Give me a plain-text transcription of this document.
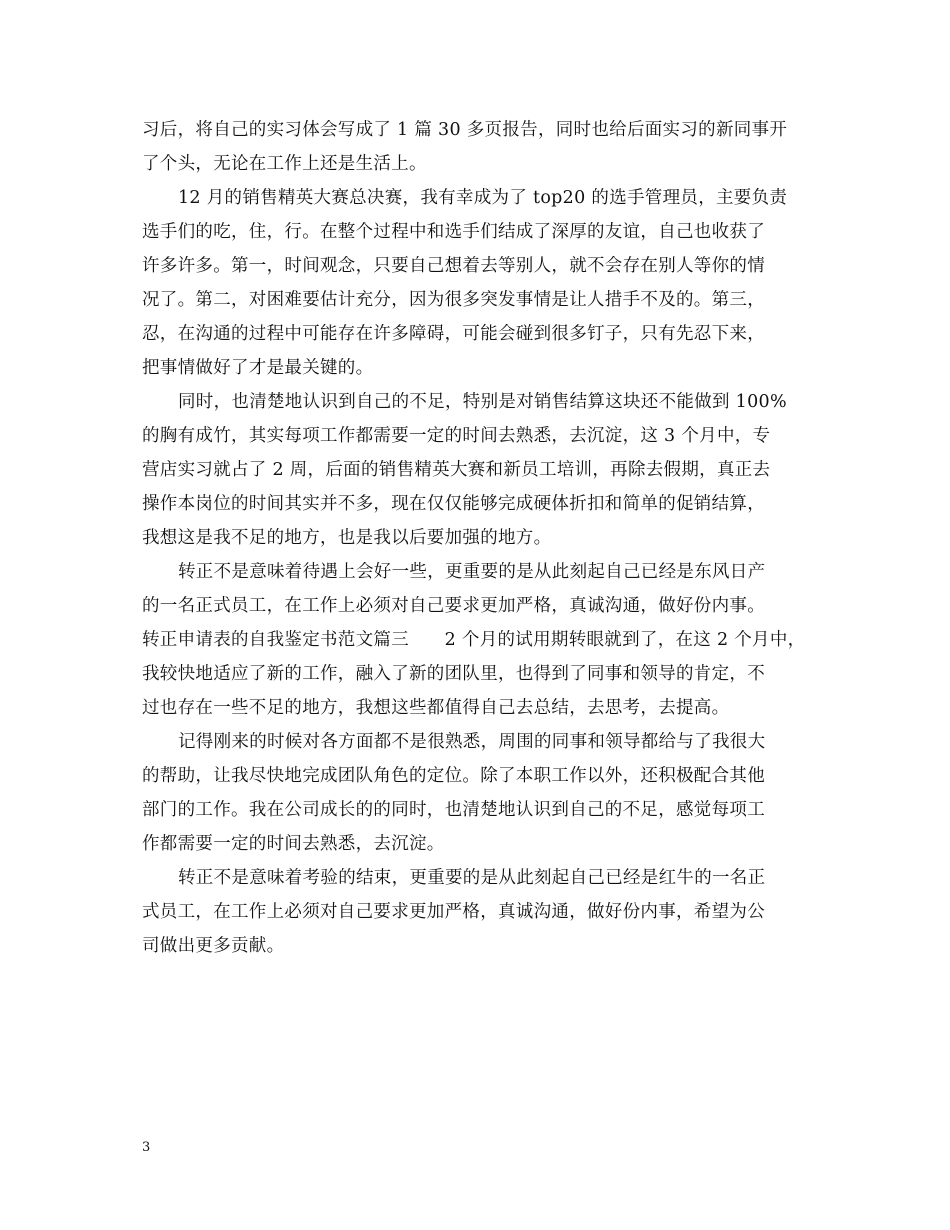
习后，将自己的实习体会写成了 1 篇 30 多页报告，同时也给后面实习的新同事开
了个头，无论在工作上还是生活上。
12 月的销售精英大赛总决赛，我有幸成为了 top20 的选手管理员，主要负责
选手们的吃，住，行。在整个过程中和选手们结成了深厚的友谊，自己也收获了
许多许多。第一，时间观念，只要自己想着去等别人，就不会存在别人等你的情
况了。第二，对困难要估计充分，因为很多突发事情是让人措手不及的。第三，
忍，在沟通的过程中可能存在许多障碍，可能会碰到很多钉子，只有先忍下来，
把事情做好了才是最关键的。
同时，也清楚地认识到自己的不足，特别是对销售结算这块还不能做到 100%
的胸有成竹，其实每项工作都需要一定的时间去熟悉，去沉淀，这 3 个月中，专
营店实习就占了 2 周，后面的销售精英大赛和新员工培训，再除去假期，真正去
操作本岗位的时间其实并不多，现在仅仅能够完成硬体折扣和简单的促销结算，
我想这是我不足的地方，也是我以后要加强的地方。
转正不是意味着待遇上会好一些，更重要的是从此刻起自己已经是东风日产
的一名正式员工，在工作上必须对自己要求更加严格，真诚沟通，做好份内事。
转正申请表的自我鉴定书范文篇三　　2 个月的试用期转眼就到了，在这 2 个月中，
我较快地适应了新的工作，融入了新的团队里，也得到了同事和领导的肯定，不
过也存在一些不足的地方，我想这些都值得自己去总结，去思考，去提高。
记得刚来的时候对各方面都不是很熟悉，周围的同事和领导都给与了我很大
的帮助，让我尽快地完成团队角色的定位。除了本职工作以外，还积极配合其他
部门的工作。我在公司成长的的同时，也清楚地认识到自己的不足，感觉每项工
作都需要一定的时间去熟悉，去沉淀。
转正不是意味着考验的结束，更重要的是从此刻起自己已经是红牛的一名正
式员工，在工作上必须对自己要求更加严格，真诚沟通，做好份内事，希望为公
司做出更多贡献。
3
